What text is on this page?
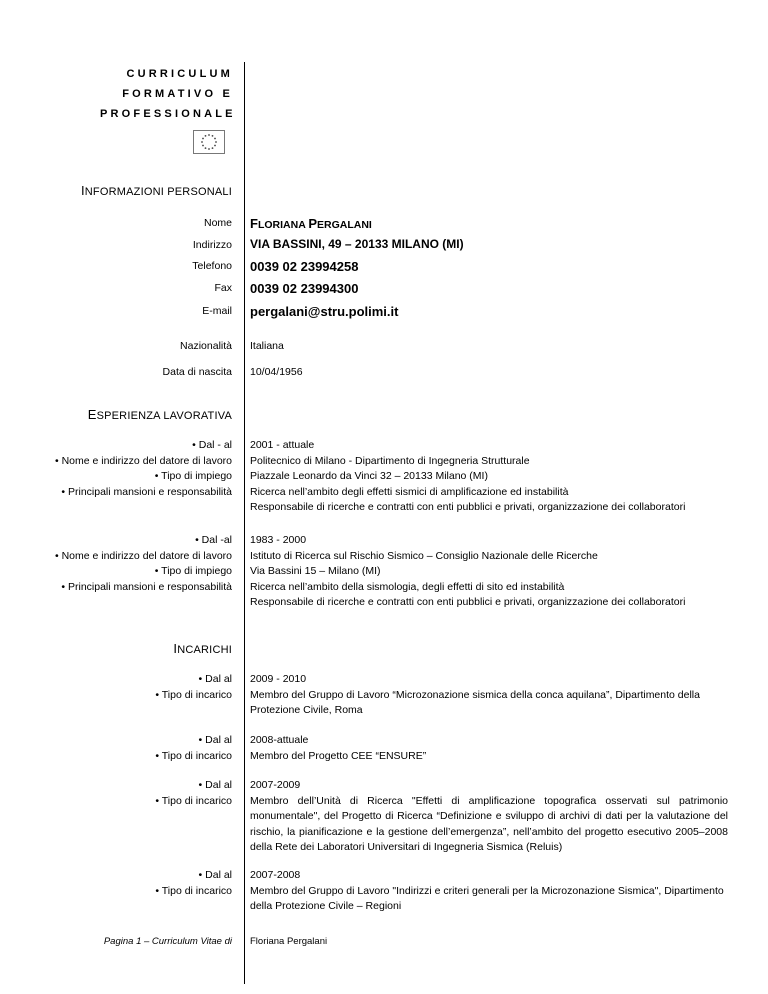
CURRICULUM
FORMATIVO E
PROFESSIONALE
INFORMAZIONI PERSONALI
Nome FLORIANA PERGALANI
Indirizzo VIA BASSINI, 49 – 20133 MILANO (MI)
Telefono 0039 02 23994258
Fax 0039 02 23994300
E-mail pergalani@stru.polimi.it
Nazionalità Italiana
Data di nascita 10/04/1956
ESPERIENZA LAVORATIVA
• Dal - al
• Nome e indirizzo del datore di lavoro
• Tipo di impiego
• Principali mansioni e responsabilità
2001 - attuale
Politecnico di Milano - Dipartimento di Ingegneria Strutturale
Piazzale Leonardo da Vinci 32 – 20133 Milano (MI)
Ricerca nell’ambito degli effetti sismici di amplificazione ed instabilità
Responsabile di ricerche e contratti con enti pubblici e privati, organizzazione dei collaboratori
• Dal -al
• Nome e indirizzo del datore di lavoro
• Tipo di impiego
• Principali mansioni e responsabilità
1983 - 2000
Istituto di Ricerca sul Rischio Sismico – Consiglio Nazionale delle Ricerche
Via Bassini 15 – Milano (MI)
Ricerca nell’ambito della sismologia, degli effetti di sito ed instabilità
Responsabile di ricerche e contratti con enti pubblici e privati, organizzazione dei collaboratori
INCARICHI
• Dal al
• Tipo di incarico
2009 - 2010
Membro del Gruppo di Lavoro “Microzonazione sismica della conca aquilana”, Dipartimento della Protezione Civile, Roma
• Dal al
• Tipo di incarico
2008-attuale
Membro del Progetto CEE “ENSURE”
• Dal al
• Tipo di incarico
2007-2009
Membro dell’Unità di Ricerca "Effetti di amplificazione topografica osservati sul patrimonio monumentale", del Progetto di Ricerca “Definizione e sviluppo di archivi di dati per la valutazione del rischio, la pianificazione e la gestione dell’emergenza”, nell’ambito del progetto esecutivo 2005–2008 della Rete dei Laboratori Universitari di Ingegneria Sismica (Reluis)
• Dal al
• Tipo di incarico
2007-2008
Membro del Gruppo di Lavoro "Indirizzi e criteri generali per la Microzonazione Sismica", Dipartimento della Protezione Civile – Regioni
Pagina 1 – Curriculum Vitae di Floriana Pergalani
